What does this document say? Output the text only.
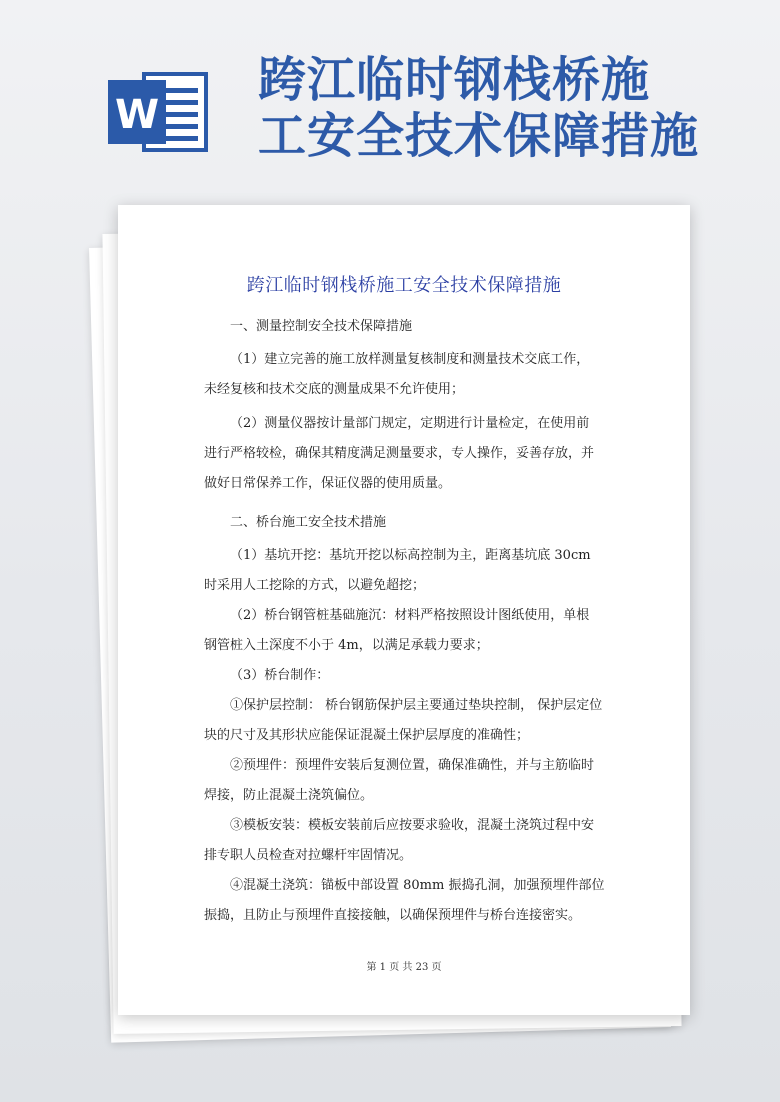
W
跨江临时钢栈桥施
工安全技术保障措施
跨江临时钢栈桥施工安全技术保障措施
一、测量控制安全技术保障措施
（1）建立完善的施工放样测量复核制度和测量技术交底工作，
未经复核和技术交底的测量成果不允许使用；
（2）测量仪器按计量部门规定，定期进行计量检定，在使用前
进行严格较检，确保其精度满足测量要求，专人操作，妥善存放，并
做好日常保养工作，保证仪器的使用质量。
二、桥台施工安全技术措施
（1）基坑开挖：基坑开挖以标高控制为主，距离基坑底 30cm
时采用人工挖除的方式，以避免超挖；
（2）桥台钢管桩基础施沉：材料严格按照设计图纸使用，单根
钢管桩入土深度不小于 4m，以满足承载力要求；
（3）桥台制作：
①保护层控制： 桥台钢筋保护层主要通过垫块控制， 保护层定位
块的尺寸及其形状应能保证混凝土保护层厚度的准确性；
②预埋件：预埋件安装后复测位置，确保准确性，并与主筋临时
焊接，防止混凝土浇筑偏位。
③模板安装：模板安装前后应按要求验收，混凝土浇筑过程中安
排专职人员检查对拉螺杆牢固情况。
④混凝土浇筑：锚板中部设置 80mm 振捣孔洞，加强预埋件部位
振捣，且防止与预埋件直接接触，以确保预埋件与桥台连接密实。
第 1 页 共 23 页
